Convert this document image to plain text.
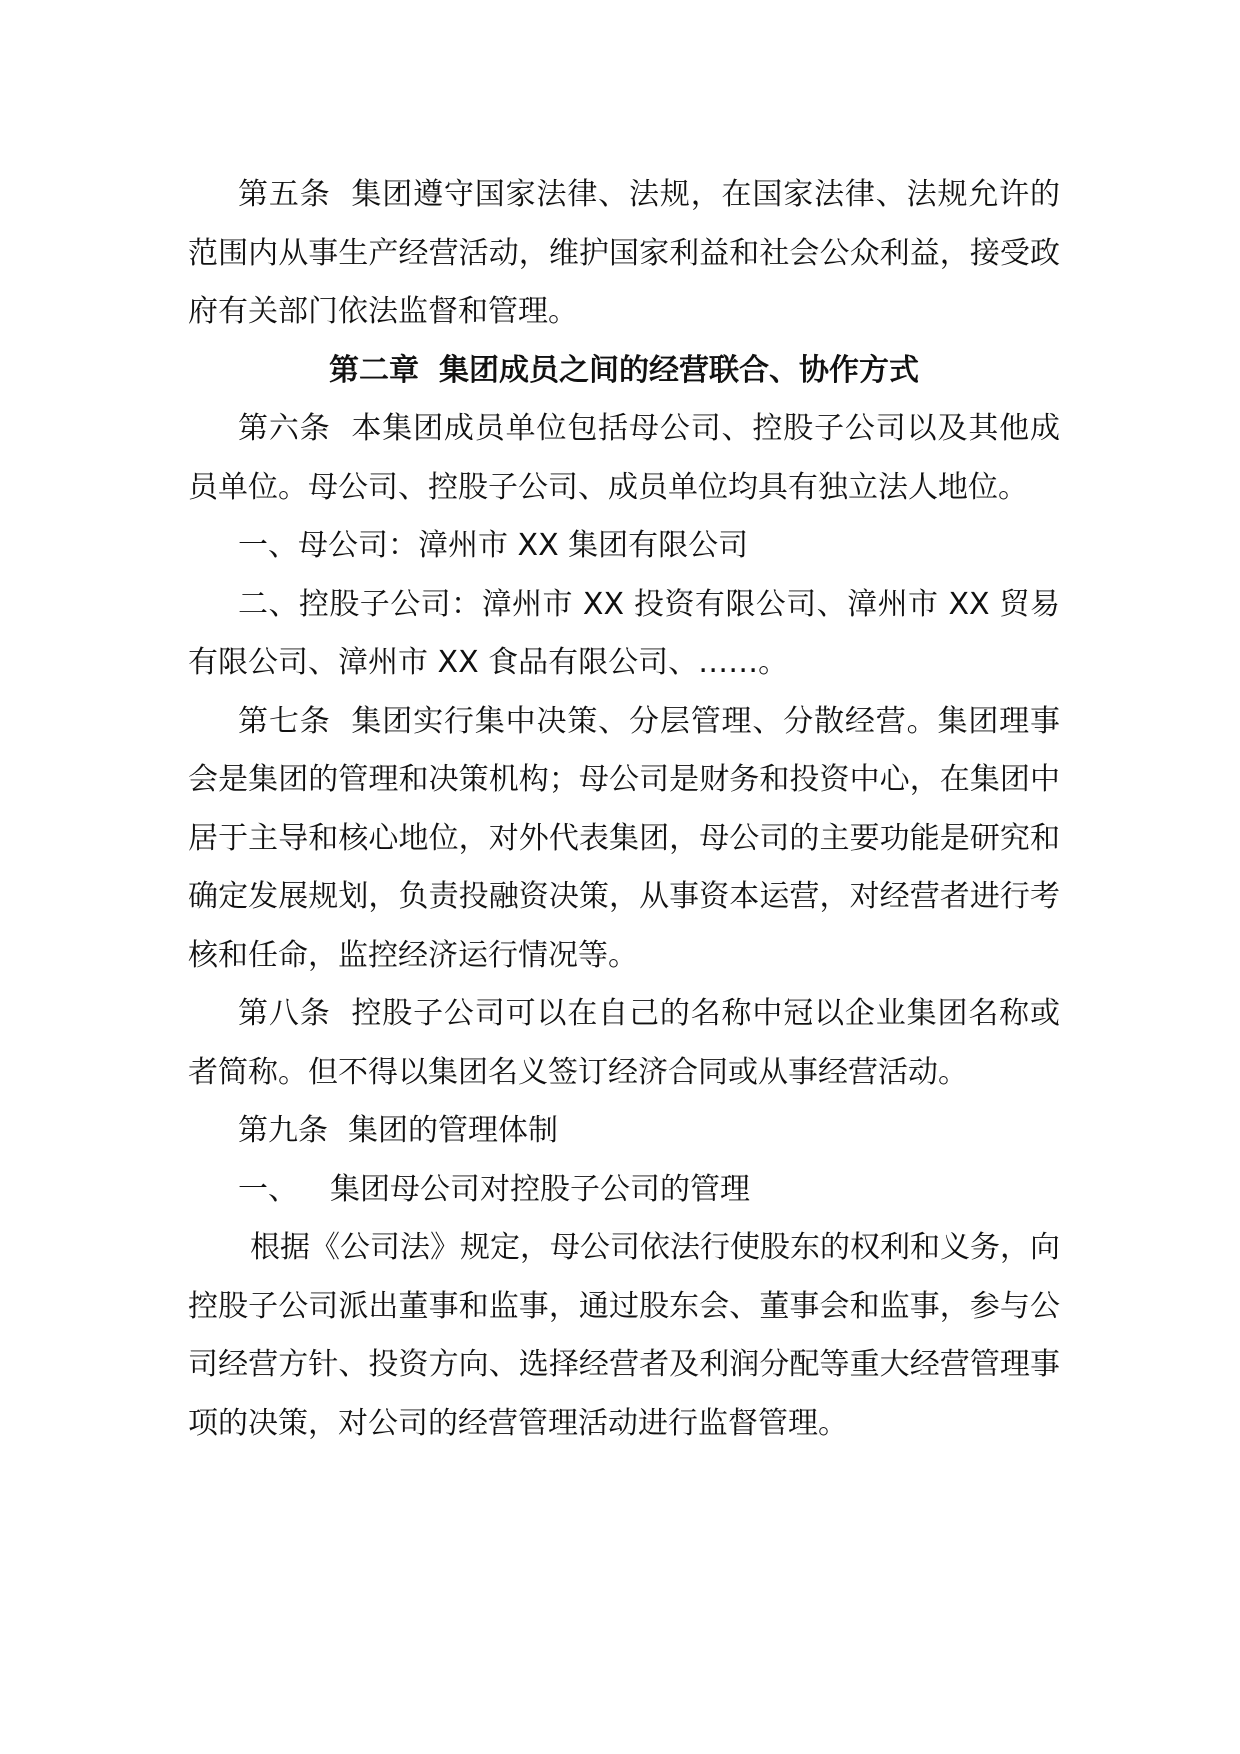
第五条 集团遵守国家法律、法规，在国家法律、法规允许的范围内从事生产经营活动，维护国家利益和社会公众利益，接受政府有关部门依法监督和管理。

第二章 集团成员之间的经营联合、协作方式

第六条 本集团成员单位包括母公司、控股子公司以及其他成员单位。母公司、控股子公司、成员单位均具有独立法人地位。

一、母公司：漳州市 XX 集团有限公司

二、控股子公司：漳州市 XX 投资有限公司、漳州市 XX 贸易有限公司、漳州市 XX 食品有限公司、……。

第七条 集团实行集中决策、分层管理、分散经营。集团理事会是集团的管理和决策机构；母公司是财务和投资中心，在集团中居于主导和核心地位，对外代表集团，母公司的主要功能是研究和确定发展规划，负责投融资决策，从事资本运营，对经营者进行考核和任命，监控经济运行情况等。

第八条 控股子公司可以在自己的名称中冠以企业集团名称或者简称。但不得以集团名义签订经济合同或从事经营活动。

第九条 集团的管理体制

一、 集团母公司对控股子公司的管理

根据《公司法》规定，母公司依法行使股东的权利和义务，向控股子公司派出董事和监事，通过股东会、董事会和监事，参与公司经营方针、投资方向、选择经营者及利润分配等重大经营管理事项的决策，对公司的经营管理活动进行监督管理。
